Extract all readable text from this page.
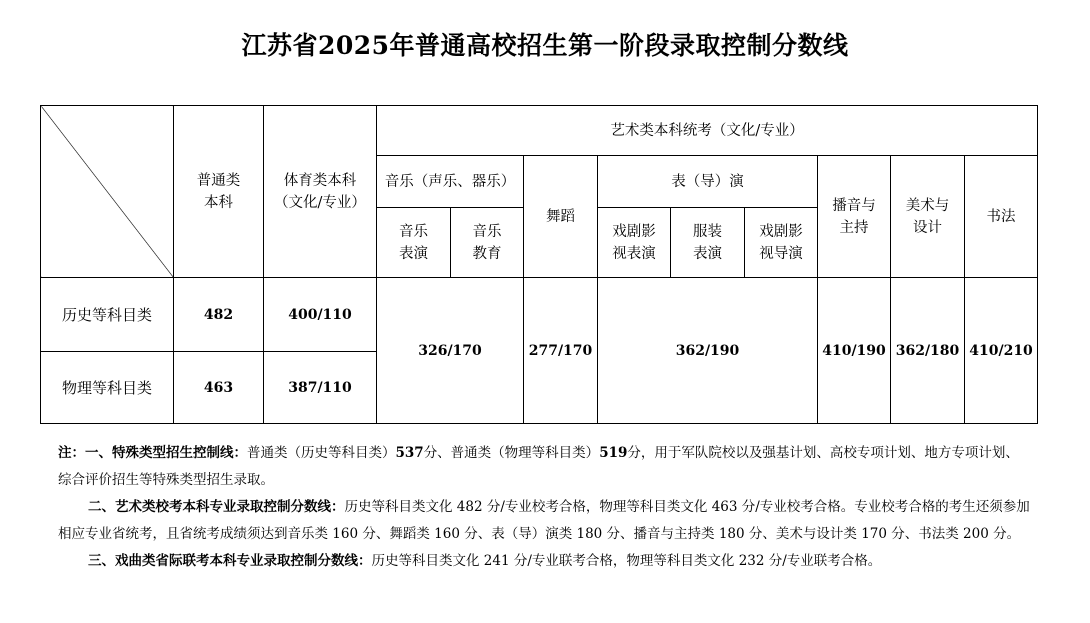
江苏省2025年普通高校招生第一阶段录取控制分数线

	普通类本科	体育类本科（文化/专业）	艺术类本科统考（文化/专业）								
			音乐（声乐、器乐）		舞蹈	表（导）演			播音与主持	美术与设计	书法

			音乐表演	音乐教育		戏剧影视表演	服装表演	戏剧影视导演			

历史等科目类	482	400/110	326/170		277/170	362/190			410/190	362/180	410/210
物理等科目类	463	387/110									

注：一、特殊类型招生控制线：普通类（历史等科目类）537分、普通类（物理等科目类）519分，用于军队院校以及强基计划、高校专项计划、地方专项计划、综合评价招生等特殊类型招生录取。

二、艺术类校考本科专业录取控制分数线：历史等科目类文化 482 分/专业校考合格，物理等科目类文化 463 分/专业校考合格。专业校考合格的考生还须参加相应专业省统考，且省统考成绩须达到音乐类 160 分、舞蹈类 160 分、表（导）演类 180 分、播音与主持类 180 分、美术与设计类 170 分、书法类 200 分。

三、戏曲类省际联考本科专业录取控制分数线：历史等科目类文化 241 分/专业联考合格，物理等科目类文化 232 分/专业联考合格。
